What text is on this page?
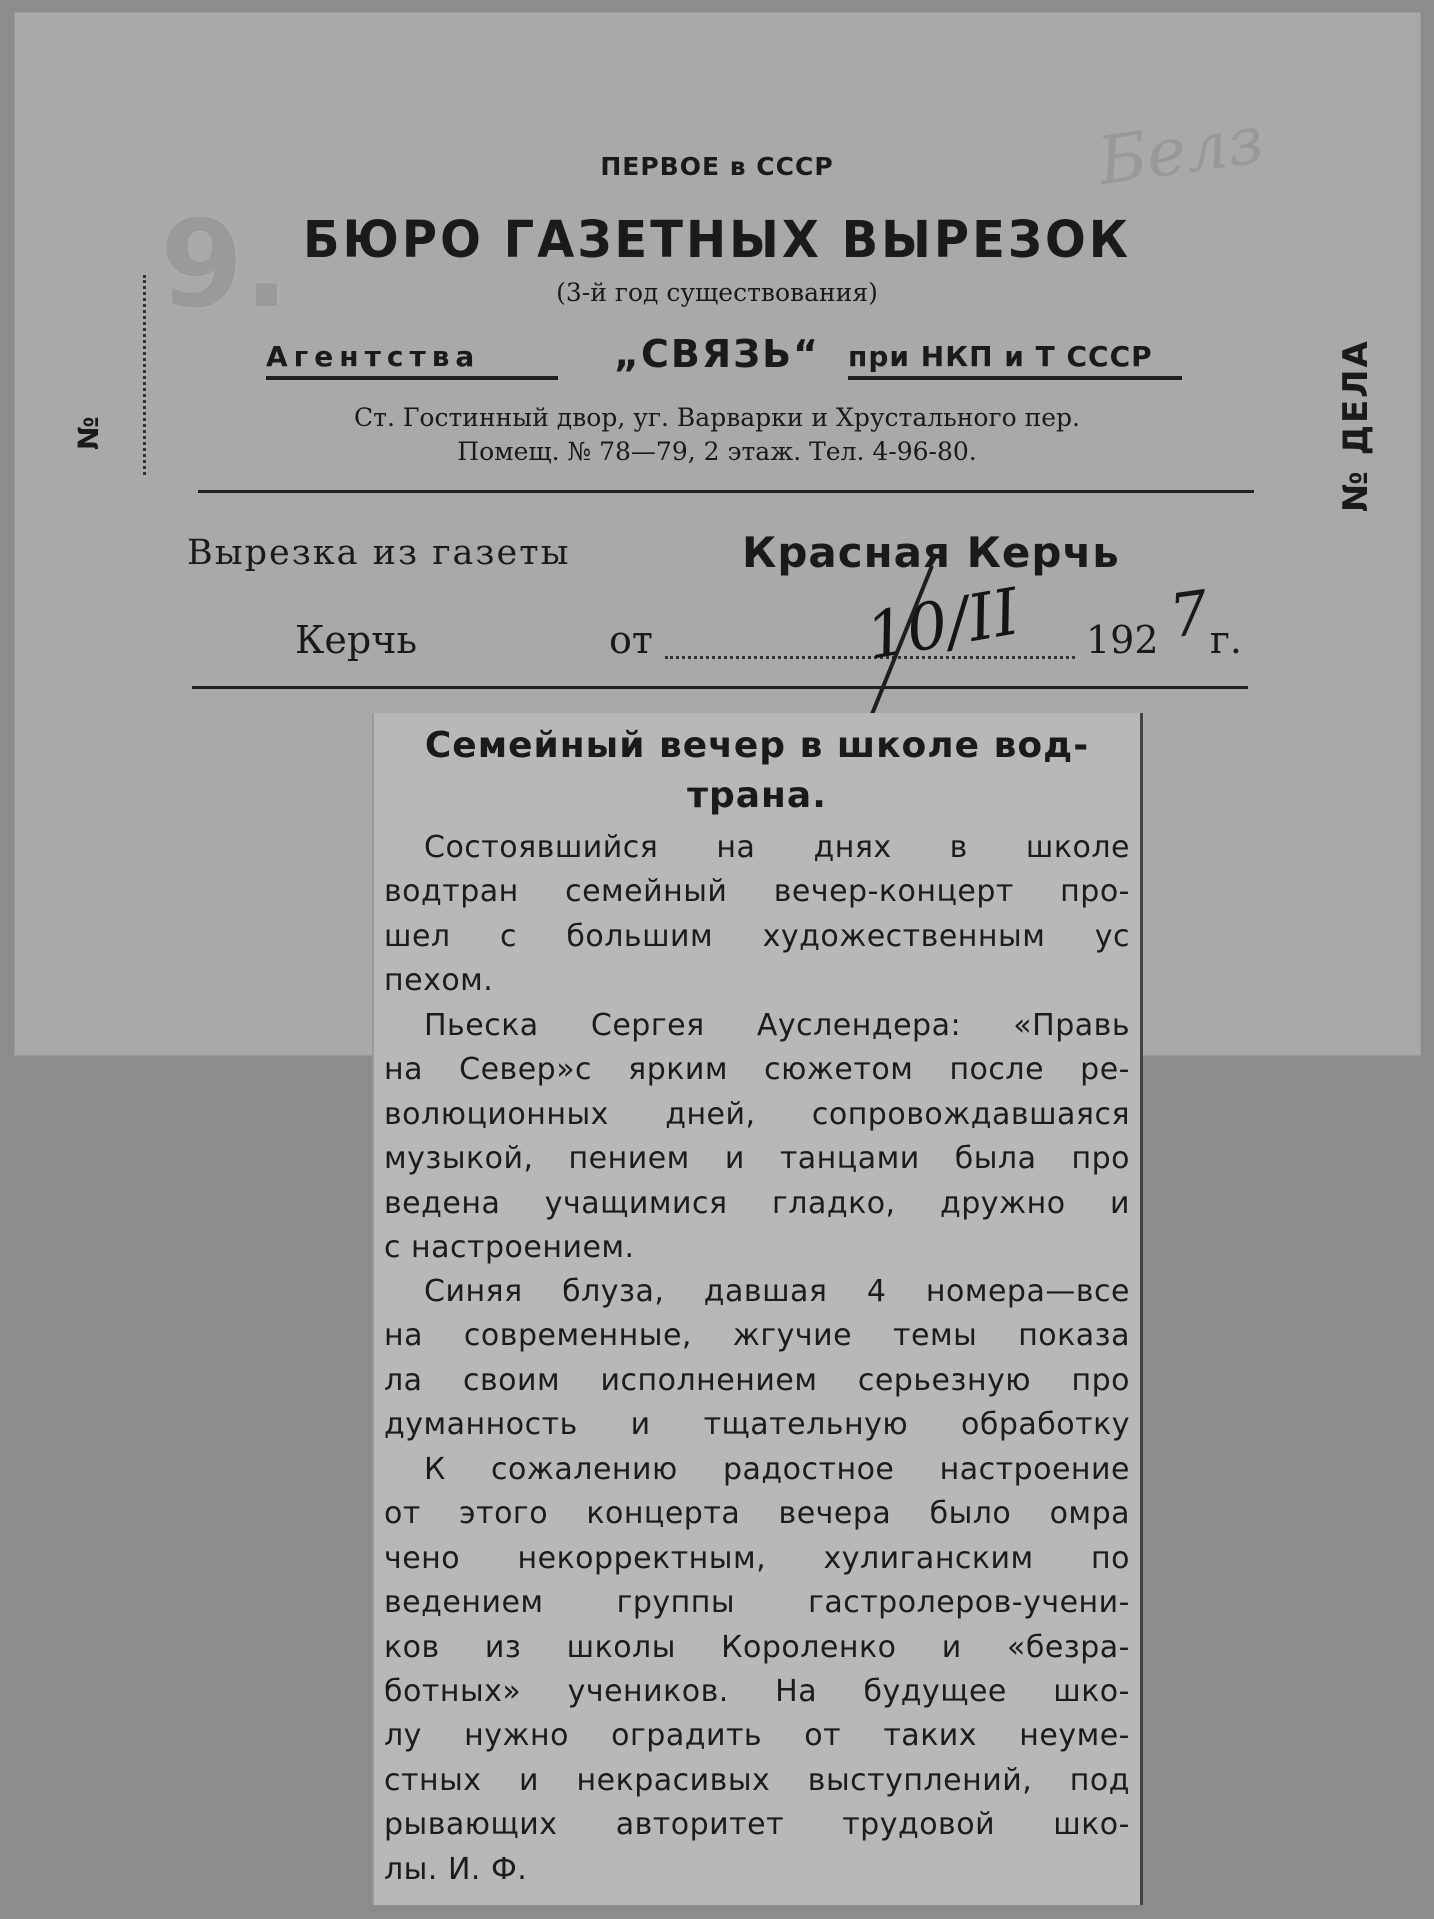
9.
Белз
ПЕРВОЕ в СССР
БЮРО ГАЗЕТНЫХ ВЫРЕЗОК
(3-й год существования)
Агентства	„СВЯЗЬ“ при НКП и Т СССР
Ст. Гостинный двор, уг. Варварки и Хрустального пер.
Помещ. № 78—79, 2 этаж. Тел. 4-96-80.
№	№ ДЕЛА
Вырезка из газеты	Красная Керчь
Керчь	от	10/II 192 7
г.
Семейный вечер в школе вод-
трана.
Состоявшийся на днях в школе
водтран семейный вечер-концерт про-
шел с большим художественным ус
пехом.
Пьеска Сергея Ауслендера: «Правь
на Север»с ярким сюжетом после ре-
волюционных дней, сопровождавшаяся
музыкой, пением и танцами была про
ведена учащимися гладко, дружно и
с настроением.
Синяя блуза, давшая 4 номера—все
на современные, жгучие темы показа
ла своим исполнением серьезную про
думанность и тщательную обработку
К сожалению радостное настроение
от этого концерта вечера было омра
чено некорректным, хулиганским по
ведением группы гастролеров-учени-
ков из школы Короленко и «безра-
ботных» учеников. На будущее шко-
лу нужно оградить от таких неуме-
стных и некрасивых выступлений, под
рывающих авторитет трудовой шко-
лы. И. Ф.
